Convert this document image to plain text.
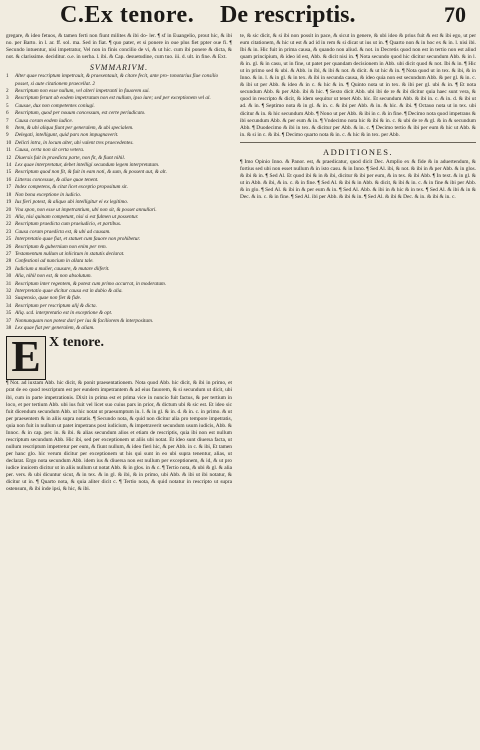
C.Ex tenore. De rescriptis.	70

gregare, & ideo fetuos, & tamen ferti non fiunt milites & ibi do- ler. ¶ sf in Euangelio, prout hic, & ibi no. per Barto. in l. ar. ff. sol. ma. Sed in fiat. ¶ quo pater, et si ponere in oue plus fiet ppter oue fi. ¶ Secundo intuentur, nisi impetratur, Vel non in finis concilio de vi, & ut hic. cum ibi ponere & dicta, & not. & clarissime. deciditur. o.e. in uerba. l. ibi. & Cap. desuetudine, cum tuo. iii. d. ult. in fine. & Ext.

SVMMARIVM.
1 Alter quae rescriptum impetrauit, & praesentauit, & citare fecit, ante pro- tonotarius fiue consilio posset, si aute citationem praecellat. 2
2 Rescriptum non esse nullum, vel alteri impetranti in fauorem sui.
3 Rescriptum ferunt ab eodem impetratum non est nullum, ipso iure; sed per exceptionem vel al.
5 Causae, dux non competentes coniugi.
6 Rescriptum, quod per nouum concessum, est certe periudicato.
7 Causa coram eodem iudice.
8 Item, & ubi aliqua fiunt per generalem, & ubi specialem.
9 Delegati, intelligunt, quid pars non impugnaverit.
10 Delicti intra, in locum alter, ubi valent tres praecedentes.
11 Causa, certa non sit certa vetera.
12 Diuersis fuit in praedicta parte, non fit, & fiunt nihil.
14 Lex quae interpretatur, debet intelligi secundum legem interpretatam.
15 Rescriptum quod non fit, & fuit in eam noti, & sum, & possent aut, & alt.
16 Litteras concessae, & aliae quae tenent.
17 Index competens, & citat licet exceptio propositum sit.
18 Non bona exceptione in iudicio.
19 Ius fieri potest, & aliquo ubi intelligitur ei ex legitimo.
20 Vna spon, non esse ut impetrantium, ubi non sit, & posset annullari.
21 Alia, nisi quinam competunt, nisi si est fulmen ut possentur.
22 Rescriptum praedicta cum praeiudicio, et partibus.
23 Causa coram praedicta est, & ubi ad causam.
25 Interpretatio quae fiat, et statuet cum fauore non prohibetur.
26 Rescriptum & gubernium non enim per rem.
27 Testamentum nullum ut inlicitum in statutis declarat.
28 Confestioni ad nuncium in allata tale.
29 Iudicium a mulier, causare, & mutare diiferit.
30 Alia, nihil non est, & non absolutum.
31 Rescriptum inter regentem, & potest cum primo accurrat, in moderatam.
32 Interpretatio quae dicitur causa est in dubio & alia.
33 Suspensio, quae non fiet & fide.
34 Rescriptum per rescriptum alij & dicta.
35 Aliq. scd. interpretatio est in exceptione & opt.
37 Nonnunquam non potest dari per ius & faciliorem & interpositam.
38 Lex quae fiat per generalem, & aliam.
E X tenore.

¶ Not. ad iuxtam Abb. hic dicit, & ponit praesentationem. Nota quod Abb. hic dicit, & ibi in primo, et prat de eo quod rescriptum est per eundem impetrantem & ad eius fauorem, & si secundum ut dicit, ubi ibi, cum in parte impetrationis. Dixit in prima est et prima vice in nuncio fuit factus, & per tertium in loco, et per tertium Abb. ubi ius fuit vel licet suo cuius pars in prior, & dictum ubi & sic est. Et ideo sic fuit dicendum secundum Abb. ut hic notat ut praesumptum in. l. & in gl. & in. d. & in. c. in primo. & ut per praesentem & in aliis supra notatis. ¶ Secundo nota, & quid non dicitur alia pro tempore impetratis, quia non fuit in nullum ut patet impetrans post iudicium, & impetraverit secundum usum iudicis, Abb. & Innoc. & in cap. per. in. & ibi. & alias secundum alios et etiam de rescriptis, quia ibi non est nullum rescriptum secundum Abb. Hic ibi, sed per exceptionem ut aliis ubi notat. Et ideo sunt diuersa facta, ut nullum rescriptum impetretur per eum, & fiunt nullum, & ideo fieri hic, & per Abb. in c. & ibi, Et tamen per hanc glo. hic verum dicitur per exceptionem ut his qui sunt in eo ubi supra tenentur, alias, ut declarat. Ergo nota secundum Abb. idem ius & diuersa non est nullum per exceptionem, & id, & ut pro iudice inuicem dicitur ut in aliis nullum ut notat Abb. & in glos. in & c. ¶ Tertio nota, & ubi & gl. & alia per. vers. & ubi dicuntur sicut, & in tex. & in gl. & ibi, & in primo, ubi Abb. & ibi ut ibi notatur, & dicitur ut in. ¶ Quarto nota, & quia aliter dicit c. ¶ Tertio nota, & quid notatur in rescripto ut supra ostensum, & ibi inde ipsi, & hic, & ibi.

te, & sic dicit, & si ibi non possit in pace, & sicut in genere, & ubi ideo & prius fuit & est & ibi ego, ut per eum citationem, & hic ut est & ad id in rem & si dicat ut ius ut in. ¶ Quarto non & in hoc ex & in. l. nisi ibi. Ibi & in. Hic fuit in prima causa, & quando non aliud. & not. in Decretis quod non est in tertio non est aliud quam principium, & ideo id est, Abb. & dicit nisi in. ¶ Nota secundo quod hic dicitur secundum Abb. & in l. & in. gl. & in casu, ut in fine, ut patet per quandam decisionem in Abb. ubi dicit quod & not. Ibi & in. ¶ Hic ut in primo sed & ubi. & Abb. in ibi, & ibi & not. & dicit. & ut hic & in. ¶ Nota quod ut in tex. & ibi, & in Inno. & in. l. & in gl. & in tex. & ibi in secunda causa, & ideo quia non est secundum Abb. & per gl. & in. c. & ibi ut per Abb. & ideo & in c. & hic & in. ¶ Quinto nota ut in tex. & ibi per gl. ubi & in. ¶ Et nota secundum Abb. & per Abb. ibi & hic. ¶ Sexto dicit Abb. ubi ibi de re & ibi dicitur quia haec sunt vera, & quod in rescripto & dicit, & idem sequitur ut tenet Abb. hic. Et secundum Abb. & ibi in. c. & in. d. & ibi ut ad. & in. ¶ Septimo nota & in gl. & in. c. & ibi per Abb. & in. & hic. & ibi. ¶ Octauo nota ut in tex. ubi dicitur & in. & hic secundum Abb. ¶ Nono ut per Abb. & ibi in c. & in fine. ¶ Decimo nota quod impetrans & ibi secundum Abb. & per eum & in. ¶ Vndecimo nota hic & ibi & in. c. & ubi de re & gl. & in & secundum Abb. ¶ Duodecimo & ibi in tex. & dicitur per Abb. & in. c. ¶ Decimo tertio & ibi per eum & hic ut Abb. & in. & si in c. & ibi. ¶ Decimo quarto nota & in. c. & hic & in tex. per Abb.

ADDITIONES.

¶ Imo Opinio Inno. & Panor. est, & praedicatur, quod dicit Dec. Amplio ex & fide & in aduertendum, & fortius sed ubi non esset nullum & in isto casu. & in Inno. ¶ Sed Al. ibi, & not. & ibi in & per Abb. & in glos. & ibi & in. ¶ Sed Al. Et quod ibi & in & ibi, dicitur & ibi per eum, & in tex. & ibi Abb. ¶ In text. & in gl. & ut in Abb. & ibi, & in. c. & in fine. ¶ Sed Al. & ibi & in Abb. & dicit, & ibi & in. c. & in fine & ibi per Abb. & in glo. ¶ Sed Al. & ibi in & per eum & in. ¶ Sed Al. Abb. & ibi in & hic & in tex. ¶ Sed Al. & ibi & in & Dec. & in. c. & in fine. ¶ Sed Al. ibi per Abb. & ibi & in. ¶ Sed Al. & ibi & Dec. & in. & ibi & in. c.
